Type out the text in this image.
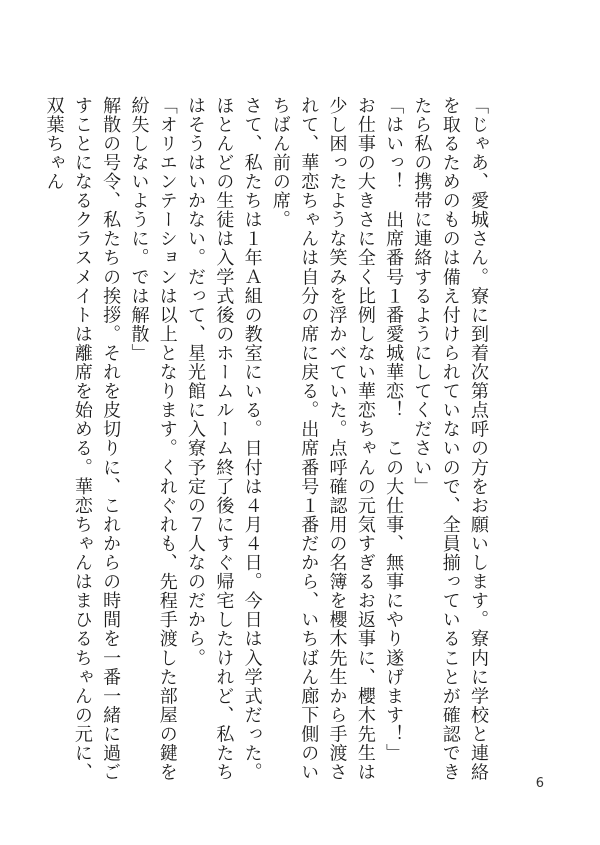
「じゃあ、愛城さん。寮に到着次第点呼の方をお願いします。寮内に学校と連絡を取るためのものは備え付けられていないので、全員揃っていることが確認できたら私の携帯に連絡するようにしてください」

「はいっ！　出席番号１番愛城華恋！　この大仕事、無事にやり遂げます！」

お仕事の大きさに全く比例しない華恋ちゃんの元気すぎるお返事に、櫻木先生は少し困ったような笑みを浮かべていた。点呼確認用の名簿を櫻木先生から手渡されて、華恋ちゃんは自分の席に戻る。出席番号１番だから、いちばん廊下側のいちばん前の席。

さて、私たちは１年Ａ組の教室にいる。日付は４月４日。今日は入学式だった。ほとんどの生徒は入学式後のホームルーム終了後にすぐ帰宅したけれど、私たちはそうはいかない。だって、星光館に入寮予定の７人なのだから。

「オリエンテーションは以上となります。くれぐれも、先程手渡した部屋の鍵を紛失しないように。では解散」

解散の号令、私たちの挨拶。それを皮切りに、これからの時間を一番一緒に過ごすことになるクラスメイトは離席を始める。華恋ちゃんはまひるちゃんの元に、双葉ちゃん

6
